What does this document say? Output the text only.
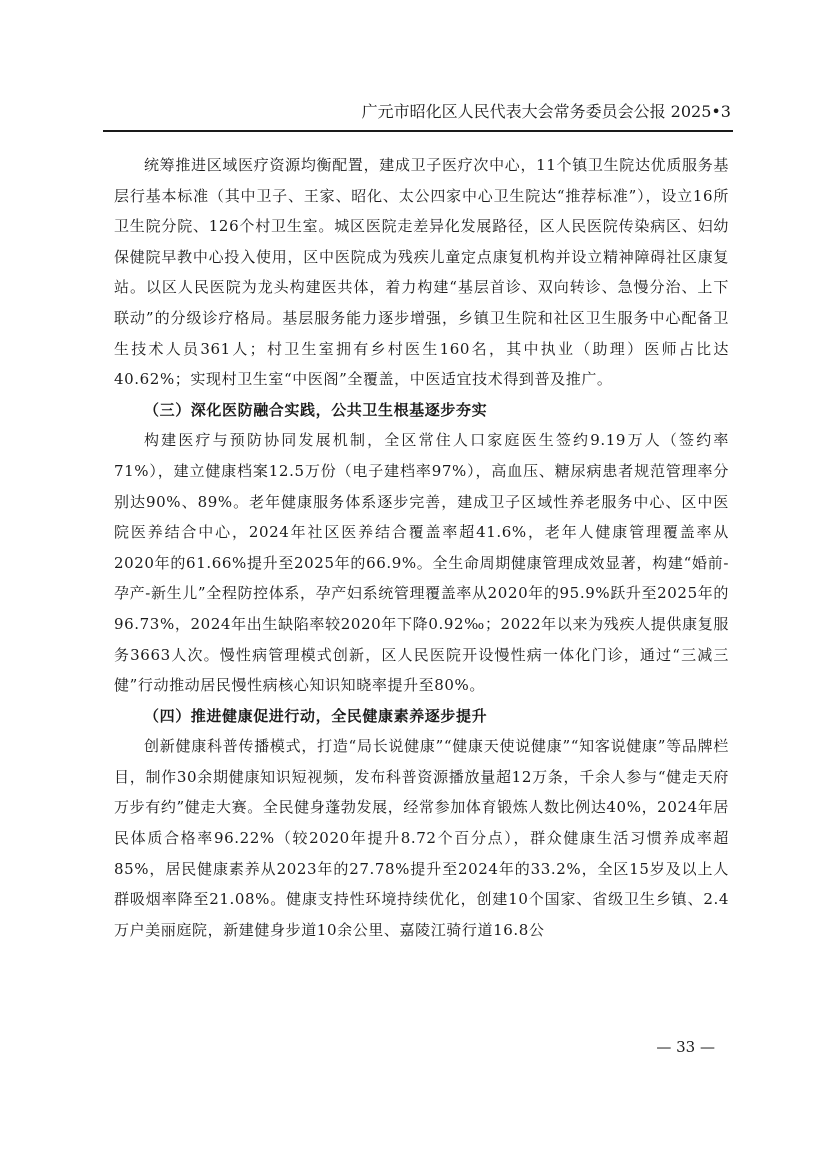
广元市昭化区人民代表大会常务委员会公报 2025•3

统筹推进区域医疗资源均衡配置，建成卫子医疗次中心，11个镇卫生院达优质服务基层行基本标准（其中卫子、王家、昭化、太公四家中心卫生院达“推荐标准”），设立16所卫生院分院、126个村卫生室。城区医院走差异化发展路径，区人民医院传染病区、妇幼保健院早教中心投入使用，区中医院成为残疾儿童定点康复机构并设立精神障碍社区康复站。以区人民医院为龙头构建医共体，着力构建“基层首诊、双向转诊、急慢分治、上下联动”的分级诊疗格局。基层服务能力逐步增强，乡镇卫生院和社区卫生服务中心配备卫生技术人员361人；村卫生室拥有乡村医生160名，其中执业（助理）医师占比达40.62%；实现村卫生室“中医阁”全覆盖，中医适宜技术得到普及推广。

（三）深化医防融合实践，公共卫生根基逐步夯实

构建医疗与预防协同发展机制，全区常住人口家庭医生签约9.19万人（签约率71%），建立健康档案12.5万份（电子建档率97%），高血压、糖尿病患者规范管理率分别达90%、89%。老年健康服务体系逐步完善，建成卫子区域性养老服务中心、区中医院医养结合中心，2024年社区医养结合覆盖率超41.6%，老年人健康管理覆盖率从2020年的61.66%提升至2025年的66.9%。全生命周期健康管理成效显著，构建“婚前-孕产-新生儿”全程防控体系，孕产妇系统管理覆盖率从2020年的95.9%跃升至2025年的96.73%，2024年出生缺陷率较2020年下降0.92‰；2022年以来为残疾人提供康复服务3663人次。慢性病管理模式创新，区人民医院开设慢性病一体化门诊，通过“三减三健”行动推动居民慢性病核心知识知晓率提升至80%。

（四）推进健康促进行动，全民健康素养逐步提升

创新健康科普传播模式，打造“局长说健康”“健康天使说健康”“知客说健康”等品牌栏目，制作30余期健康知识短视频，发布科普资源播放量超12万条，千余人参与“健走天府万步有约”健走大赛。全民健身蓬勃发展，经常参加体育锻炼人数比例达40%，2024年居民体质合格率96.22%（较2020年提升8.72个百分点），群众健康生活习惯养成率超85%，居民健康素养从2023年的27.78%提升至2024年的33.2%，全区15岁及以上人群吸烟率降至21.08%。健康支持性环境持续优化，创建10个国家、省级卫生乡镇、2.4万户美丽庭院，新建健身步道10余公里、嘉陵江骑行道16.8公

— 33 —
